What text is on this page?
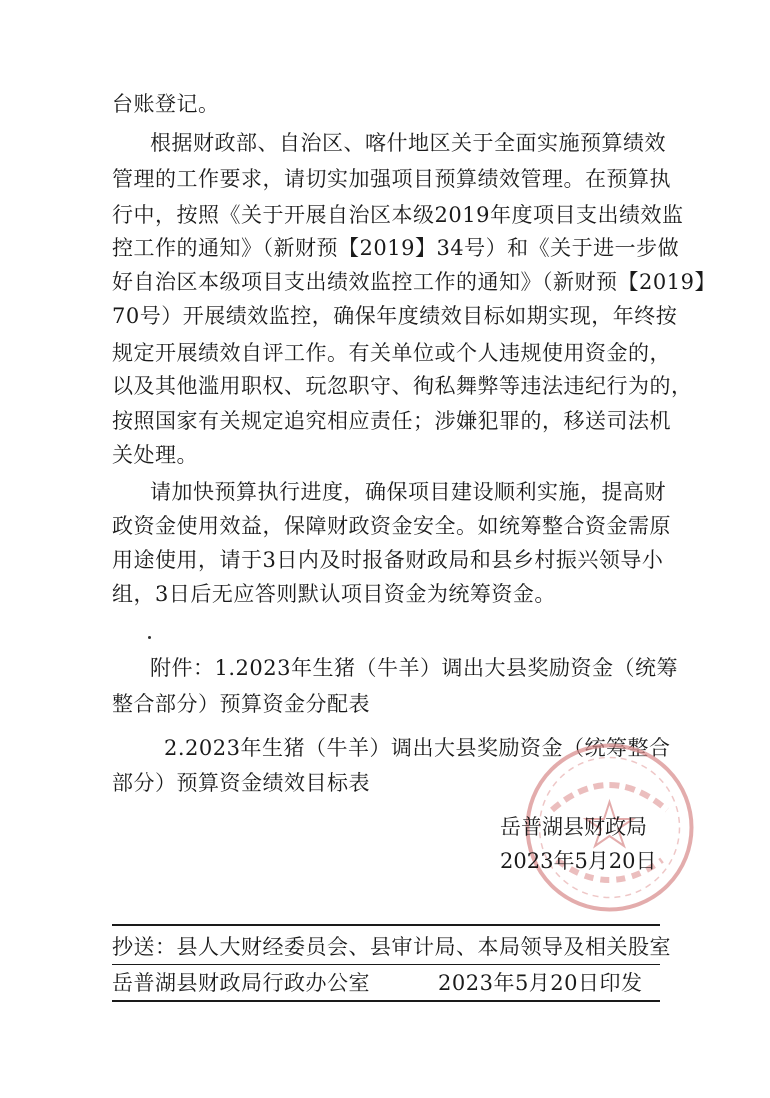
台账登记。
根据财政部、自治区、喀什地区关于全面实施预算绩效
管理的工作要求，请切实加强项目预算绩效管理。在预算执
行中，按照《关于开展自治区本级2019年度项目支出绩效监
控工作的通知》（新财预【2019】34号）和《关于进一步做
好自治区本级项目支出绩效监控工作的通知》（新财预【2019】
70号）开展绩效监控，确保年度绩效目标如期实现，年终按
规定开展绩效自评工作。有关单位或个人违规使用资金的，
以及其他滥用职权、玩忽职守、徇私舞弊等违法违纪行为的，
按照国家有关规定追究相应责任；涉嫌犯罪的，移送司法机
关处理。
请加快预算执行进度，确保项目建设顺利实施，提高财
政资金使用效益，保障财政资金安全。如统筹整合资金需原
用途使用，请于3日内及时报备财政局和县乡村振兴领导小
组，3日后无应答则默认项目资金为统筹资金。
附件：1.2023年生猪（牛羊）调出大县奖励资金（统筹
整合部分）预算资金分配表
2.2023年生猪（牛羊）调出大县奖励资金（统筹整合
部分）预算资金绩效目标表
岳普湖县财政局
2023年5月20日
抄送：县人大财经委员会、县审计局、本局领导及相关股室
岳普湖县财政局行政办公室	2023年5月20日印发
